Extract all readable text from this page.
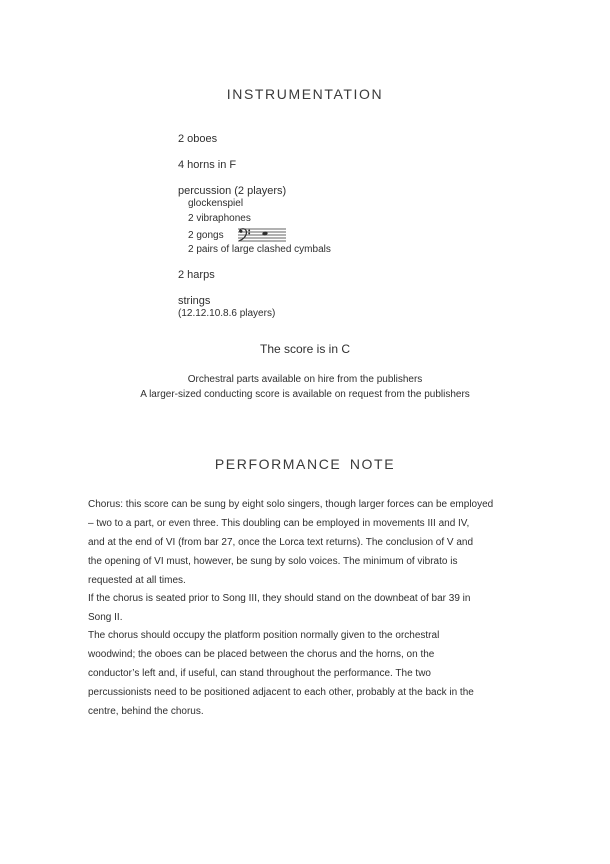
INSTRUMENTATION
2 oboes
4 horns in F
percussion (2 players)
glockenspiel
2 vibraphones
2 gongs
2 pairs of large clashed cymbals
2 harps
strings
(12.12.10.8.6 players)
The score is in C
Orchestral parts available on hire from the publishers
A larger-sized conducting score is available on request from the publishers
PERFORMANCE NOTE
Chorus: this score can be sung by eight solo singers, though larger forces can be employed
– two to a part, or even three. This doubling can be employed in movements III and IV,
and at the end of VI (from bar 27, once the Lorca text returns). The conclusion of V and
the opening of VI must, however, be sung by solo voices. The minimum of vibrato is
requested at all times.
If the chorus is seated prior to Song III, they should stand on the downbeat of bar 39 in
Song II.
The chorus should occupy the platform position normally given to the orchestral
woodwind; the oboes can be placed between the chorus and the horns, on the
conductor’s left and, if useful, can stand throughout the performance. The two
percussionists need to be positioned adjacent to each other, probably at the back in the
centre, behind the chorus.
